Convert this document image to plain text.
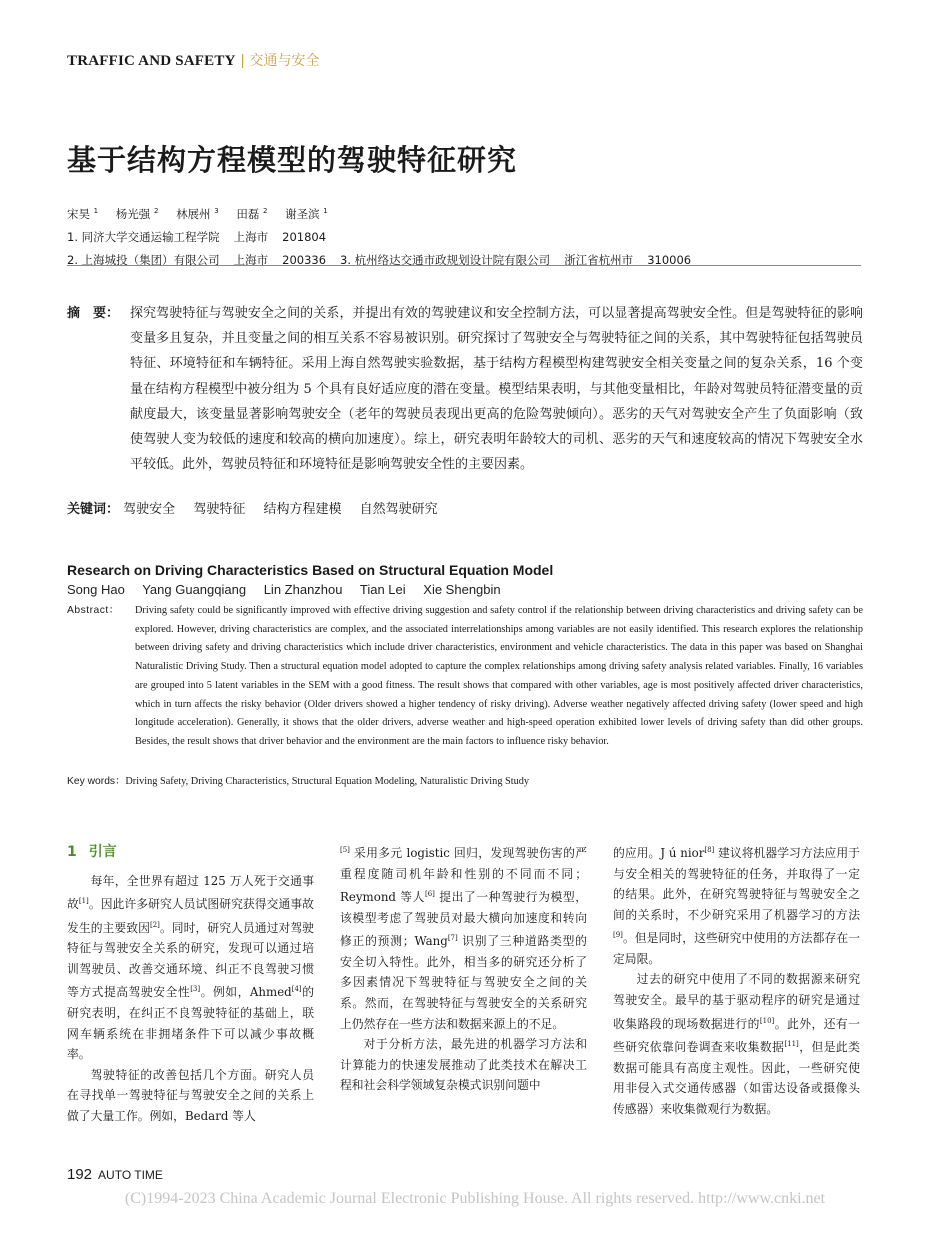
TRAFFIC AND SAFETY | 交通与安全
基于结构方程模型的驾驶特征研究
宋昊 $^1$ 杨光强 $^2$ 林展州 $^3$ 田磊 $^2$ 谢圣滨 $^1$
1. 同济大学交通运输工程学院 上海市 201804
2. 上海城投（集团）有限公司 上海市 200336 3. 杭州络达交通市政规划设计院有限公司 浙江省杭州市 310006
摘　要： 探究驾驶特征与驾驶安全之间的关系，并提出有效的驾驶建议和安全控制方法，可以显著提高驾驶安全性。但是驾驶特征的影响变量多且复杂，并且变量之间的相互关系不容易被识别。研究探讨了驾驶安全与驾驶特征之间的关系，其中驾驶特征包括驾驶员特征、环境特征和车辆特征。采用上海自然驾驶实验数据，基于结构方程模型构建驾驶安全相关变量之间的复杂关系，16 个变量在结构方程模型中被分组为 5 个具有良好适应度的潜在变量。模型结果表明，与其他变量相比，年龄对驾驶员特征潜变量的贡献度最大，该变量显著影响驾驶安全（老年的驾驶员表现出更高的危险驾驶倾向）。恶劣的天气对驾驶安全产生了负面影响（致使驾驶人变为较低的速度和较高的横向加速度）。综上，研究表明年龄较大的司机、恶劣的天气和速度较高的情况下驾驶安全水平较低。此外，驾驶员特征和环境特征是影响驾驶安全性的主要因素。
关键词： 驾驶安全 驾驶特征 结构方程建模 自然驾驶研究
Research on Driving Characteristics Based on Structural Equation Model
Song Hao Yang Guangqiang Lin Zhanzhou Tian Lei Xie Shengbin
Abstract： Driving safety could be significantly improved with effective driving suggestion and safety control if the relationship between driving characteristics and driving safety can be explored. However, driving characteristics are complex, and the associated interrelationships among variables are not easily identified. This research explores the relationship between driving safety and driving characteristics which include driver characteristics, environment and vehicle characteristics. The data in this paper was based on Shanghai Naturalistic Driving Study. Then a structural equation model adopted to capture the complex relationships among driving safety analysis related variables. Finally, 16 variables are grouped into 5 latent variables in the SEM with a good fitness. The result shows that compared with other variables, age is most positively affected driver characteristics, which in turn affects the risky behavior (Older drivers showed a higher tendency of risky driving). Adverse weather negatively affected driving safety (lower speed and high longitude acceleration). Generally, it shows that the older drivers, adverse weather and high-speed operation exhibited lower levels of driving safety than did other groups. Besides, the result shows that driver behavior and the environment are the main factors to influence risky behavior.
Key words：Driving Safety, Driving Characteristics, Structural Equation Modeling, Naturalistic Driving Study
1 引言

每年，全世界有超过 125 万人死于交通事故[1]。因此许多研究人员试图研究获得交通事故发生的主要致因[2]。同时，研究人员通过对驾驶特征与驾驶安全关系的研究，发现可以通过培训驾驶员、改善交通环境、纠正不良驾驶习惯等方式提高驾驶安全性[3]。例如，Ahmed[4]的研究表明，在纠正不良驾驶特征的基础上，联网车辆系统在非拥堵条件下可以减少事故概率。

驾驶特征的改善包括几个方面。研究人员在寻找单一驾驶特征与驾驶安全之间的关系上做了大量工作。例如，Bedard 等人

[5] 采用多元 logistic 回归，发现驾驶伤害的严重程度随司机年龄和性别的不同而不同；Reymond 等人[6] 提出了一种驾驶行为模型，该模型考虑了驾驶员对最大横向加速度和转向修正的预测；Wang[7] 识别了三种道路类型的安全切入特性。此外，相当多的研究还分析了多因素情况下驾驶特征与驾驶安全之间的关系。然而，在驾驶特征与驾驶安全的关系研究上仍然存在一些方法和数据来源上的不足。

对于分析方法，最先进的机器学习方法和计算能力的快速发展推动了此类技术在解决工程和社会科学领域复杂模式识别问题中

的应用。J ú nior[8] 建议将机器学习方法应用于与安全相关的驾驶特征的任务，并取得了一定的结果。此外，在研究驾驶特征与驾驶安全之间的关系时，不少研究采用了机器学习的方法[9]。但是同时，这些研究中使用的方法都存在一定局限。

过去的研究中使用了不同的数据源来研究驾驶安全。最早的基于驱动程序的研究是通过收集路段的现场数据进行的[10]。此外，还有一些研究依靠问卷调查来收集数据[11]，但是此类数据可能具有高度主观性。因此，一些研究使用非侵入式交通传感器（如雷达设备或摄像头传感器）来收集微观行为数据。

192 AUTO TIME
(C)1994-2023 China Academic Journal Electronic Publishing House. All rights reserved. http://www.cnki.net
